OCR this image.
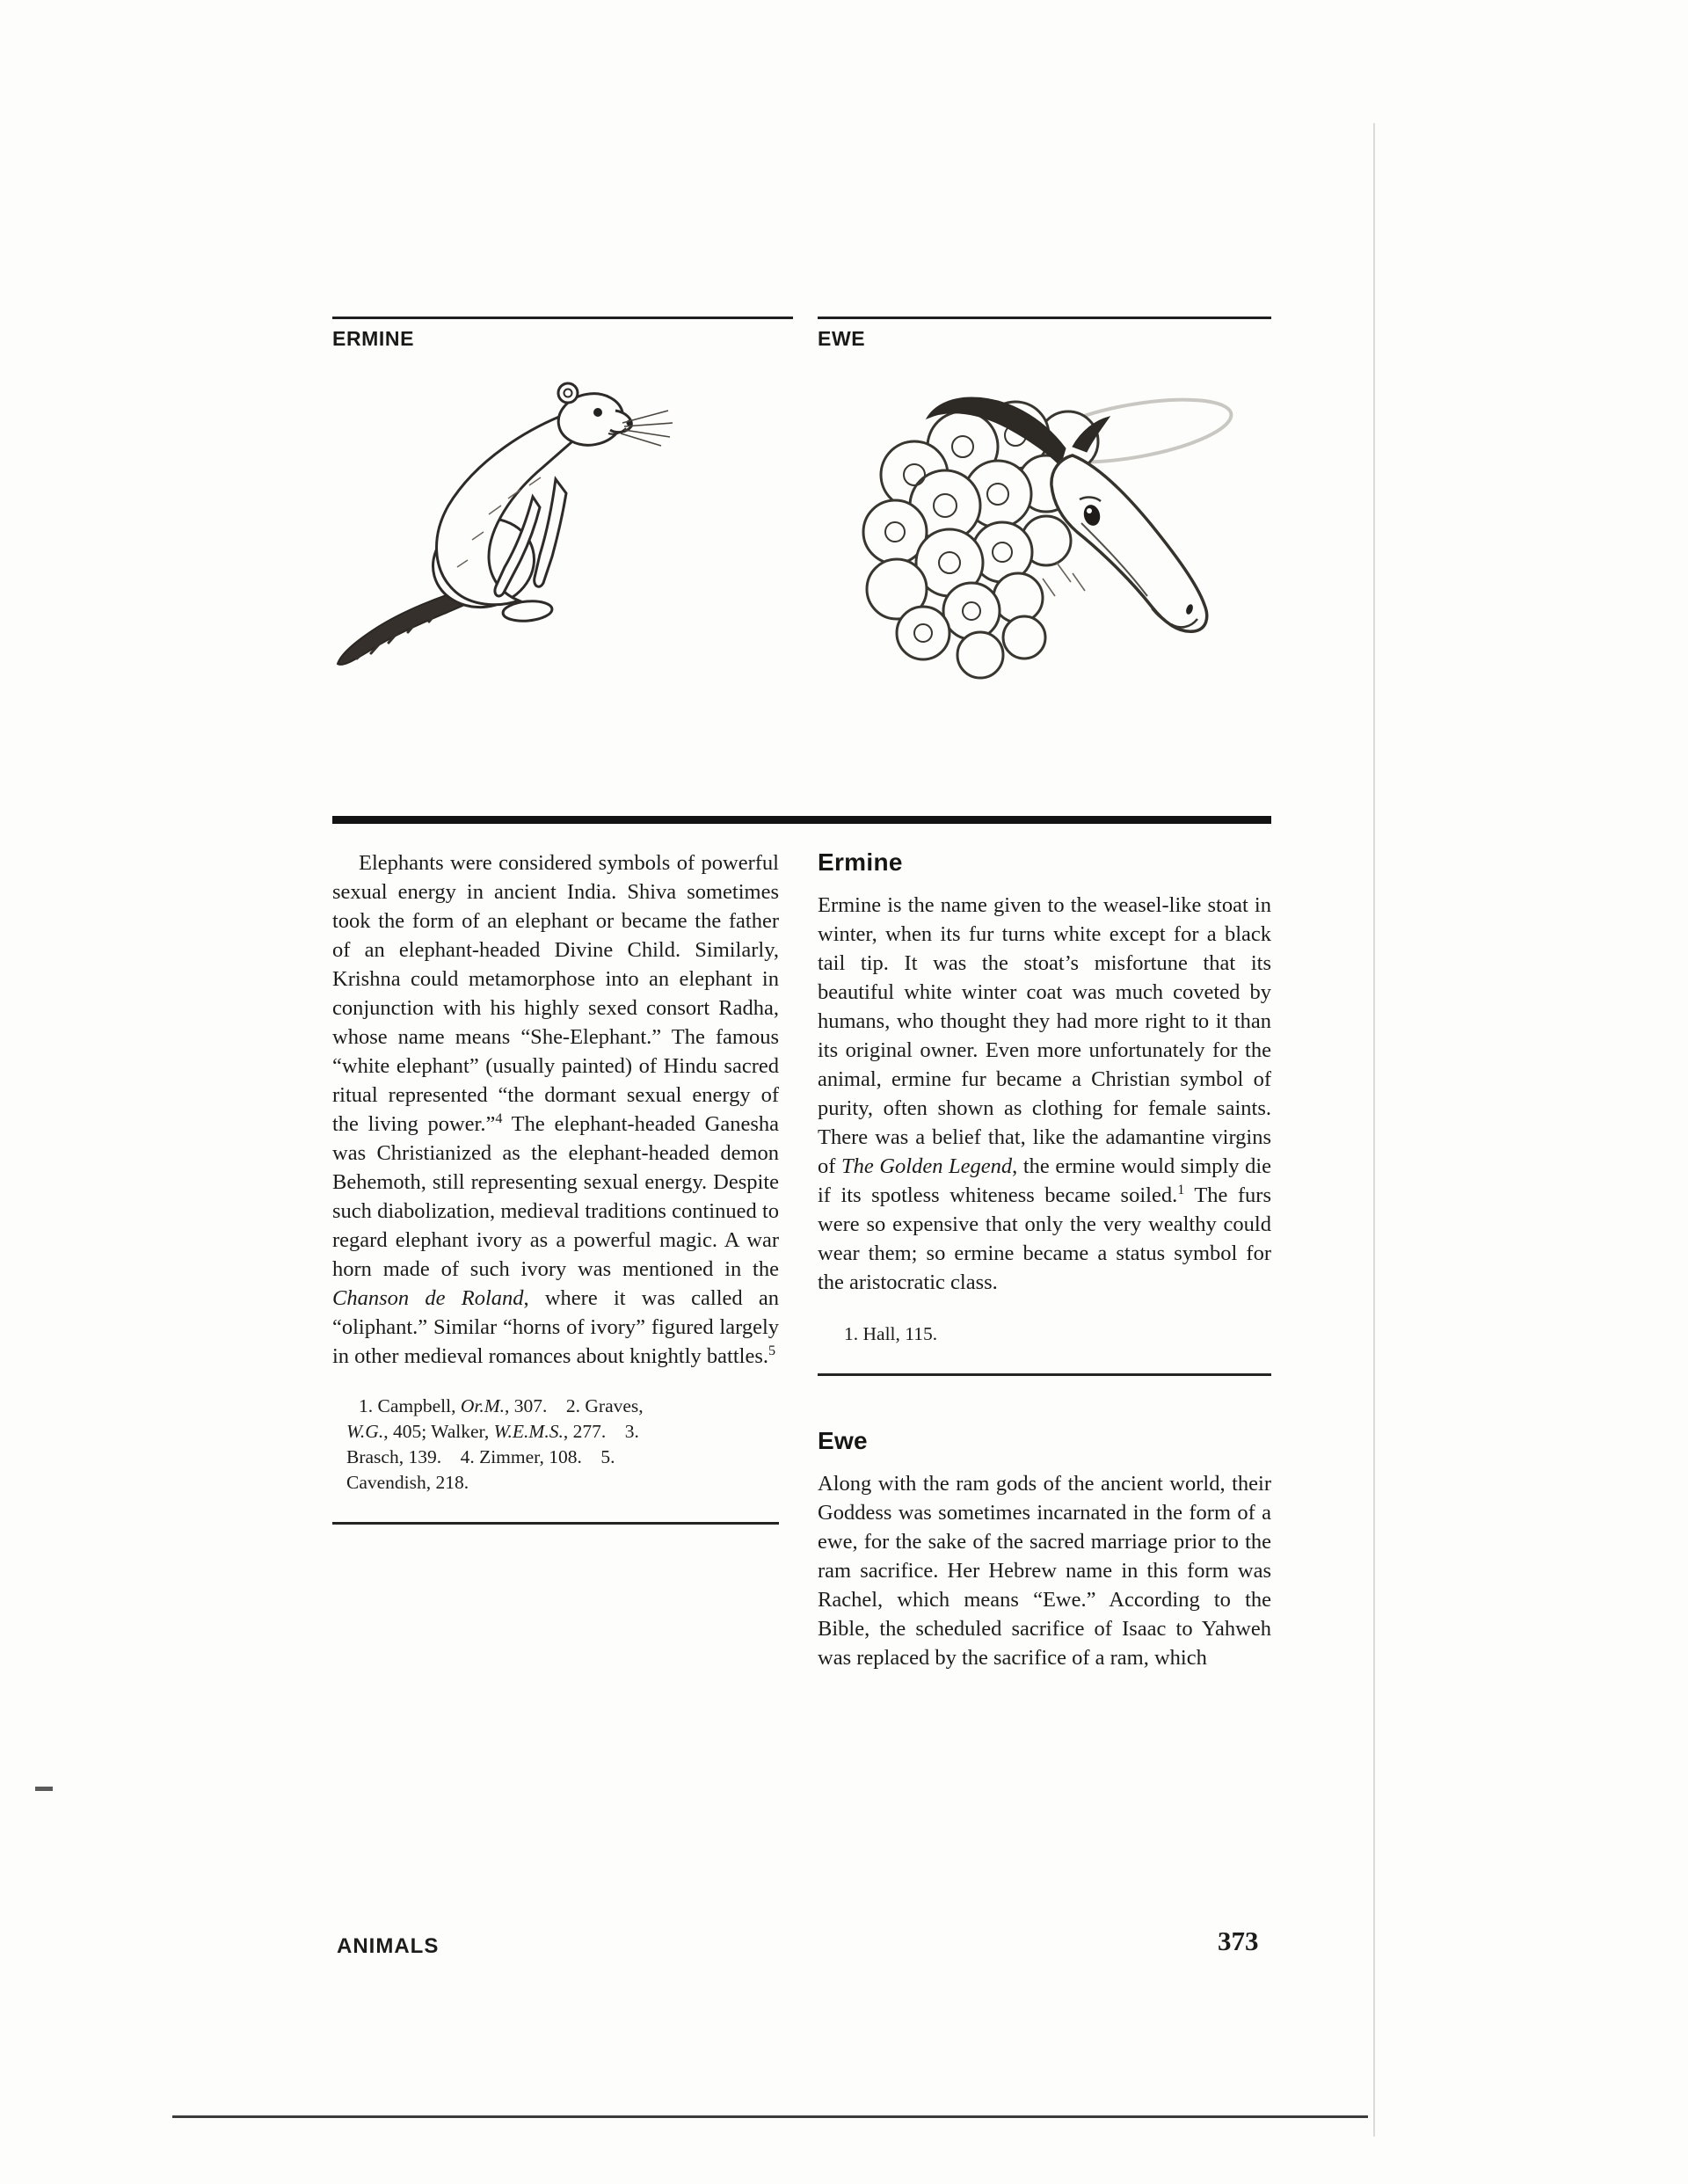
ERMINE	EWE

Elephants were considered symbols of powerful sexual energy in ancient India. Shiva sometimes took the form of an elephant or became the father of an elephant-headed Divine Child. Similarly, Krishna could metamorphose into an elephant in conjunction with his highly sexed consort Radha, whose name means “She-Elephant.” The famous “white elephant” (usually painted) of Hindu sacred ritual represented “the dormant sexual energy of the living power.”$^4$ The elephant-headed Ganesha was Christianized as the elephant-headed demon Behemoth, still representing sexual energy. Despite such diabolization, medieval traditions continued to regard elephant ivory as a powerful magic. A war horn made of such ivory was mentioned in the Chanson de Roland, where it was called an “oliphant.” Similar “horns of ivory” figured largely in other medieval romances about knightly battles.$^5$

1. Campbell, Or.M., 307.  2. Graves, W.G., 405; Walker, W.E.M.S., 277.  3. Brasch, 139.  4. Zimmer, 108.  5. Cavendish, 218.
Ermine

Ermine is the name given to the weasel-like stoat in winter, when its fur turns white except for a black tail tip. It was the stoat’s misfortune that its beautiful white winter coat was much coveted by humans, who thought they had more right to it than its original owner. Even more unfortunately for the animal, ermine fur became a Christian symbol of purity, often shown as clothing for female saints. There was a belief that, like the adamantine virgins of The Golden Legend, the ermine would simply die if its spotless whiteness became soiled.$^1$ The furs were so expensive that only the very wealthy could wear them; so ermine became a status symbol for the aristocratic class.

1. Hall, 115.
Ewe

Along with the ram gods of the ancient world, their Goddess was sometimes incarnated in the form of a ewe, for the sake of the sacred marriage prior to the ram sacrifice. Her Hebrew name in this form was Rachel, which means “Ewe.” According to the Bible, the scheduled sacrifice of Isaac to Yahweh was replaced by the sacrifice of a ram, which

ANIMALS	373
